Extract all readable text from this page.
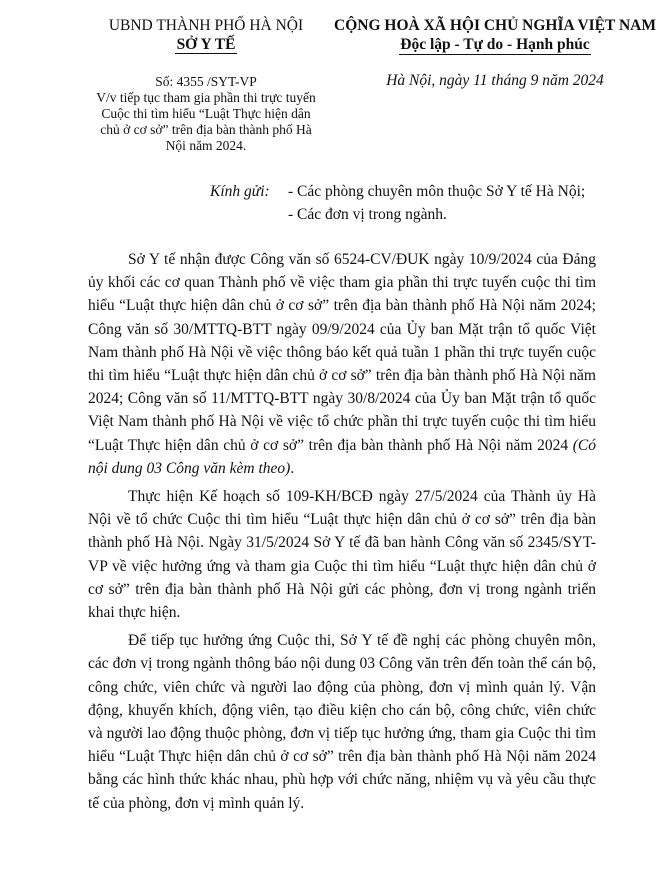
UBND THÀNH PHỐ HÀ NỘI
SỞ Y TẾ
Số: 4355 /SYT-VP
V/v tiếp tục tham gia phần thi trực tuyến Cuộc thi tìm hiểu “Luật Thực hiện dân chủ ở cơ sở” trên địa bàn thành phố Hà Nội năm 2024.
CỘNG HOÀ XÃ HỘI CHỦ NGHĨA VIỆT NAM
Độc lập - Tự do - Hạnh phúc
Hà Nội, ngày 11 tháng 9 năm 2024
Kính gửi: - Các phòng chuyên môn thuộc Sở Y tế Hà Nội;
- Các đơn vị trong ngành.

Sở Y tế nhận được Công văn số 6524-CV/ĐUK ngày 10/9/2024 của Đảng ủy khối các cơ quan Thành phố về việc tham gia phần thi trực tuyến cuộc thi tìm hiểu “Luật thực hiện dân chủ ở cơ sở” trên địa bàn thành phố Hà Nội năm 2024; Công văn số 30/MTTQ-BTT ngày 09/9/2024 của Ủy ban Mặt trận tổ quốc Việt Nam thành phố Hà Nội về việc thông báo kết quả tuần 1 phần thi trực tuyến cuộc thi tìm hiểu “Luật thực hiện dân chủ ở cơ sở” trên địa bàn thành phố Hà Nội năm 2024; Công văn số 11/MTTQ-BTT ngày 30/8/2024 của Ủy ban Mặt trận tổ quốc Việt Nam thành phố Hà Nội về việc tổ chức phần thi trực tuyến cuộc thi tìm hiểu “Luật Thực hiện dân chủ ở cơ sở” trên địa bàn thành phố Hà Nội năm 2024 (Có nội dung 03 Công văn kèm theo).

Thực hiện Kế hoạch số 109-KH/BCĐ ngày 27/5/2024 của Thành ủy Hà Nội về tổ chức Cuộc thi tìm hiểu “Luật thực hiện dân chủ ở cơ sở” trên địa bàn thành phố Hà Nội. Ngày 31/5/2024 Sở Y tế đã ban hành Công văn số 2345/SYT-VP về việc hưởng ứng và tham gia Cuộc thi tìm hiểu “Luật thực hiện dân chủ ở cơ sở” trên địa bàn thành phố Hà Nội gửi các phòng, đơn vị trong ngành triển khai thực hiện.

Để tiếp tục hưởng ứng Cuộc thi, Sở Y tế đề nghị các phòng chuyên môn, các đơn vị trong ngành thông báo nội dung 03 Công văn trên đến toàn thể cán bộ, công chức, viên chức và người lao động của phòng, đơn vị mình quản lý. Vận động, khuyến khích, động viên, tạo điều kiện cho cán bộ, công chức, viên chức và người lao động thuộc phòng, đơn vị tiếp tục hưởng ứng, tham gia Cuộc thi tìm hiểu “Luật Thực hiện dân chủ ở cơ sở” trên địa bàn thành phố Hà Nội năm 2024 bằng các hình thức khác nhau, phù hợp với chức năng, nhiệm vụ và yêu cầu thực tế của phòng, đơn vị mình quản lý.
